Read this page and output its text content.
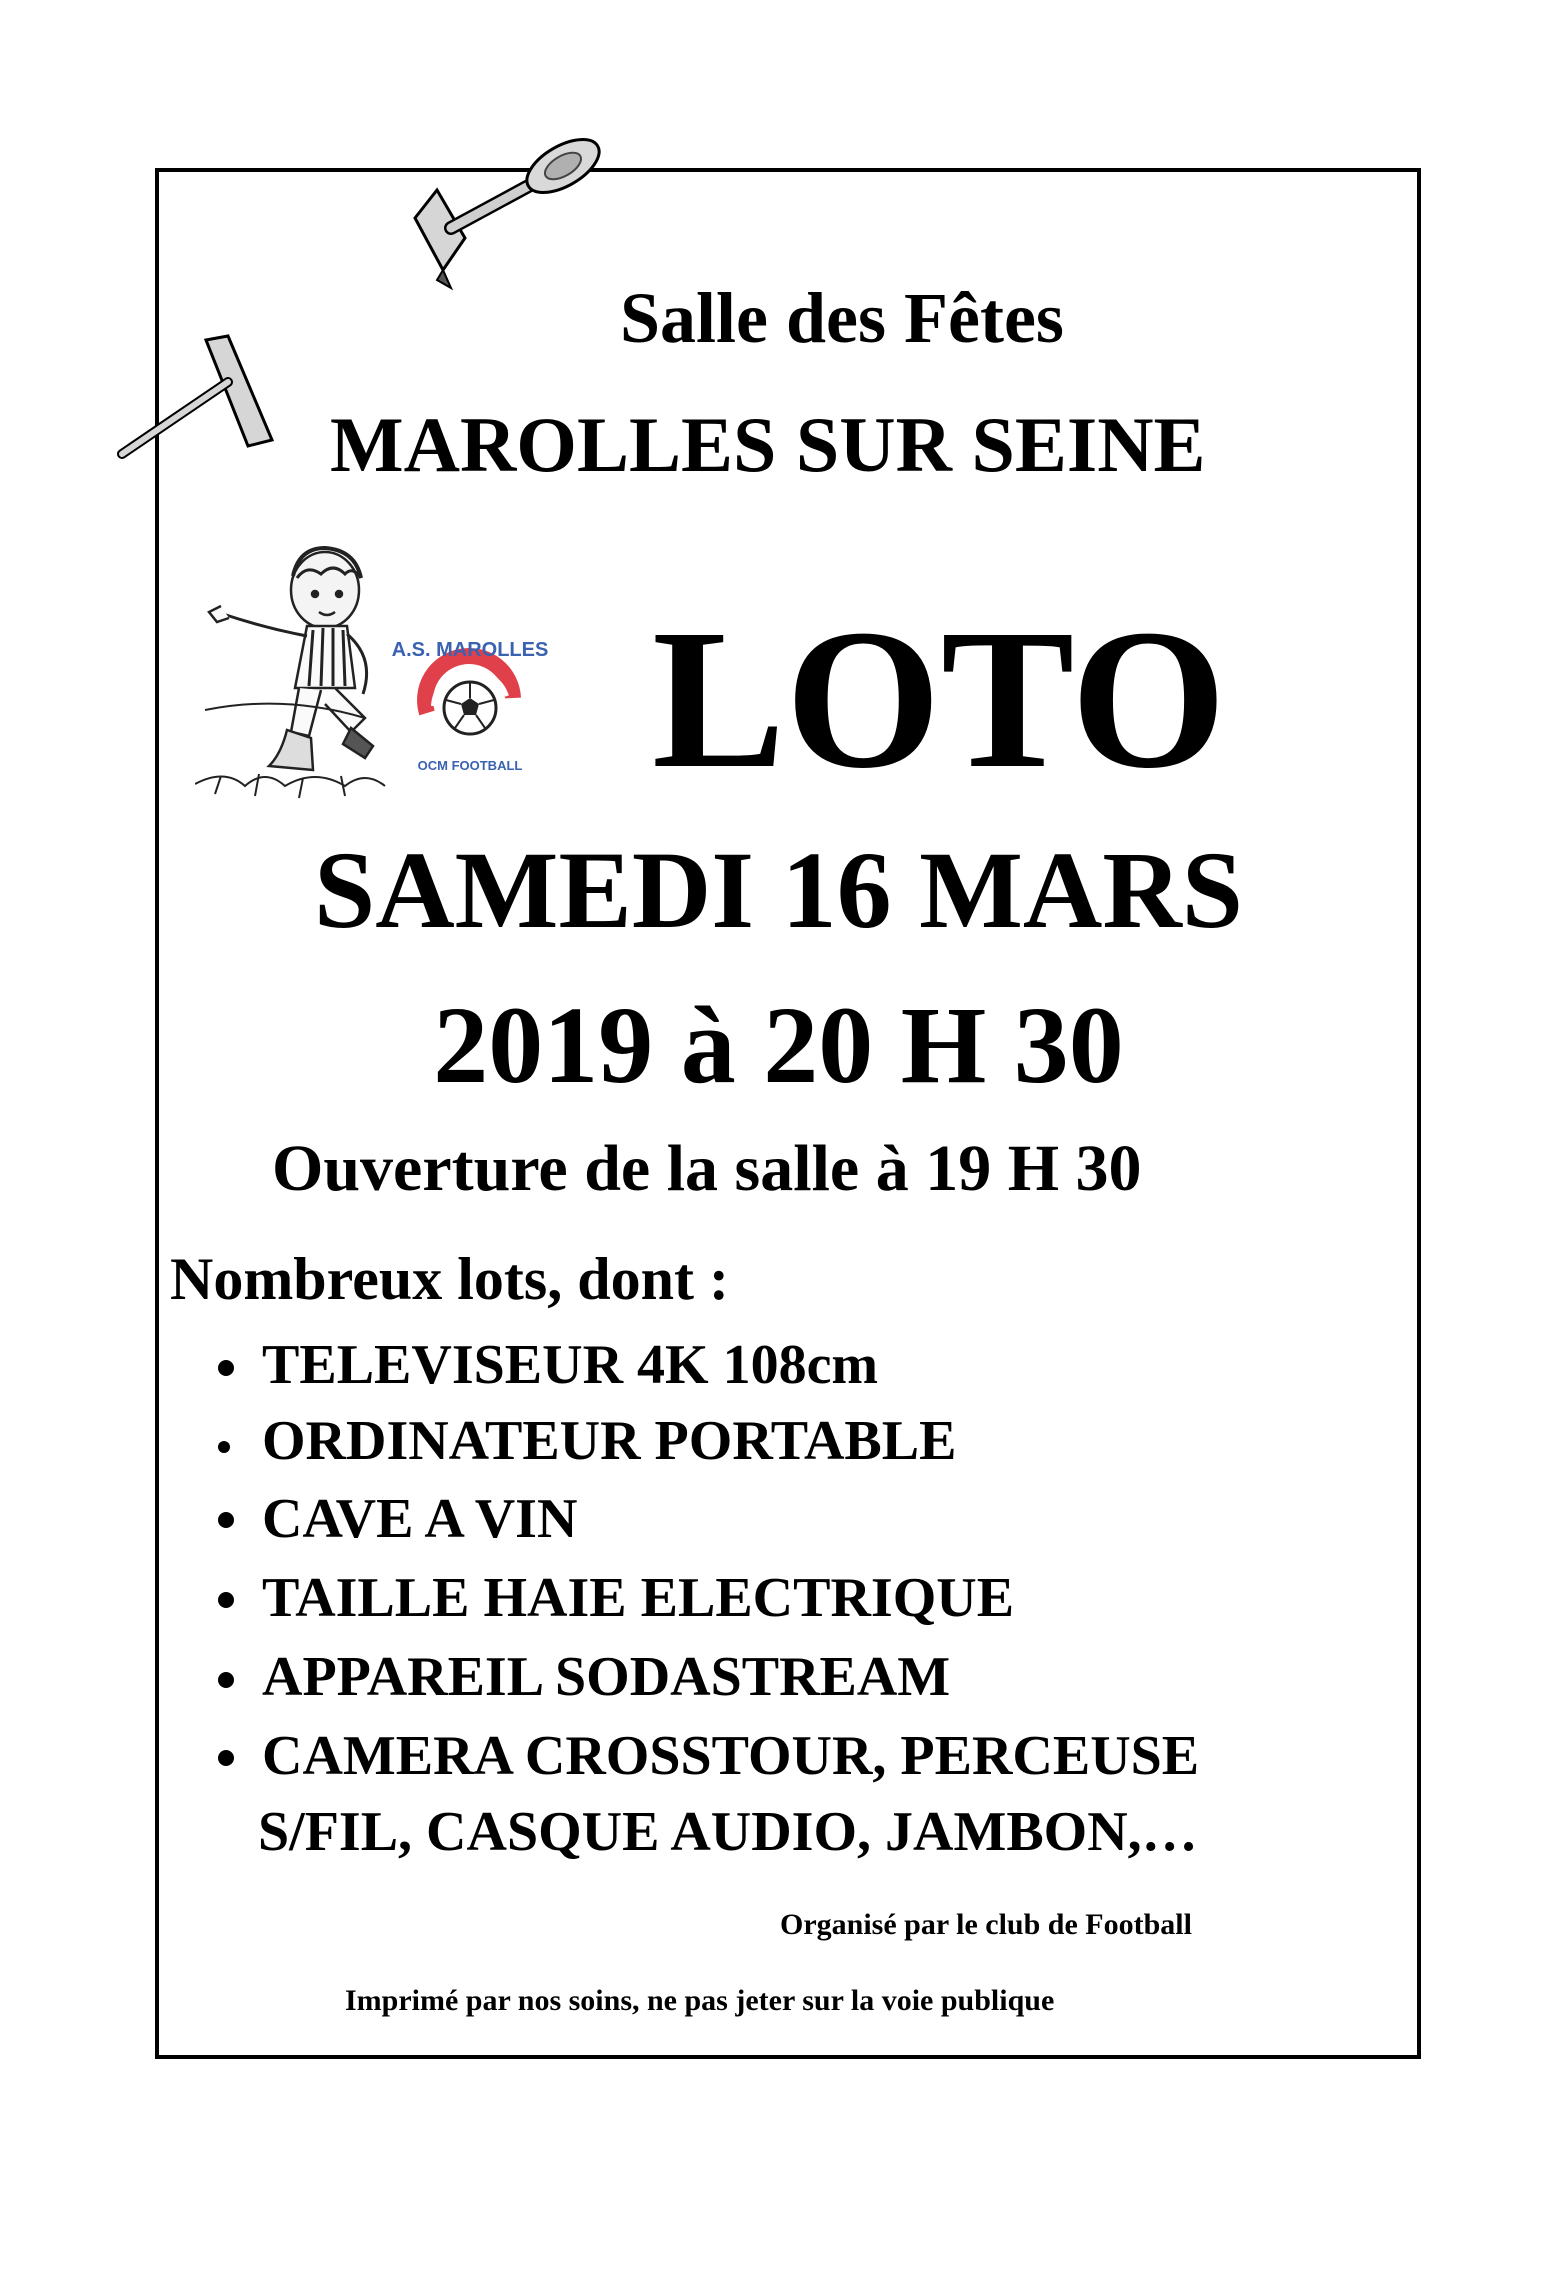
A.S. MAROLLES
OCM FOOTBALL
Salle des Fêtes
MAROLLES SUR SEINE
LOTO
SAMEDI 16 MARS
2019 à 20 H 30
Ouverture de la salle à 19 H 30
Nombreux lots, dont :
TELEVISEUR 4K 108cm
ORDINATEUR PORTABLE
CAVE A VIN
TAILLE HAIE ELECTRIQUE
APPAREIL SODASTREAM
CAMERA CROSSTOUR, PERCEUSE
S/FIL, CASQUE AUDIO, JAMBON,…
Organisé par le club de Football
Imprimé par nos soins, ne pas jeter sur la voie publique
